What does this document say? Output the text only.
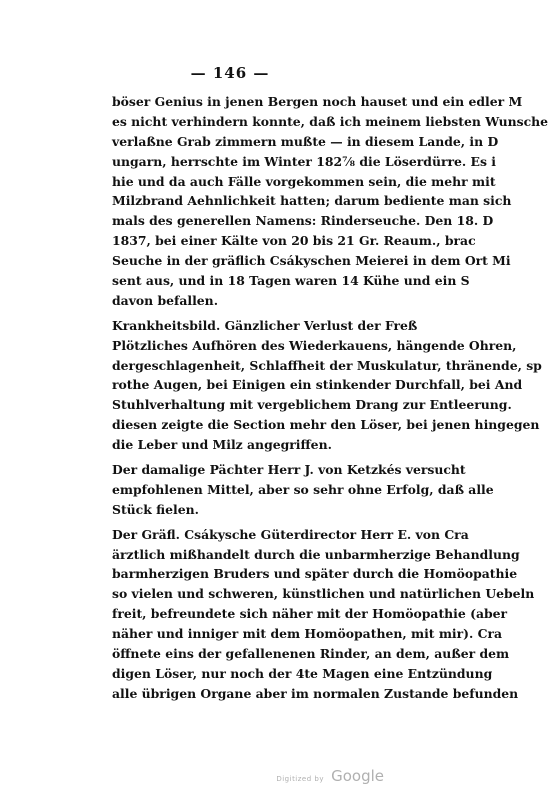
— 146 —
böser Genius in jenen Bergen noch hauset und ein edler M
es nicht verhindern konnte, daß ich meinem liebsten Wunsche
verlaßne Grab zimmern mußte — in diesem Lande, in D
ungarn, herrschte im Winter 182⁷⁄₈ die Löserdürre. Es i
hie und da auch Fälle vorgekommen sein, die mehr mit
Milzbrand Aehnlichkeit hatten; darum bediente man sich
mals des generellen Namens: Rinderseuche. Den 18. D
1837, bei einer Kälte von 20 bis 21 Gr. Reaum., brac
Seuche in der gräflich Csákyschen Meierei in dem Ort Mi
sent aus, und in 18 Tagen waren 14 Kühe und ein S
davon befallen.
Krankheitsbild. Gänzlicher Verlust der Freß
Plötzliches Aufhören des Wiederkauens, hängende Ohren,
dergeschlagenheit, Schlaffheit der Muskulatur, thränende, sp
rothe Augen, bei Einigen ein stinkender Durchfall, bei And
Stuhlverhaltung mit vergeblichem Drang zur Entleerung.
diesen zeigte die Section mehr den Löser, bei jenen hingegen
die Leber und Milz angegriffen.
Der damalige Pächter Herr J. von Ketzkés versucht
empfohlenen Mittel, aber so sehr ohne Erfolg, daß alle
Stück fielen.
Der Gräfl. Csákysche Güterdirector Herr E. von Cra
ärztlich mißhandelt durch die unbarmherzige Behandlung
barmherzigen Bruders und später durch die Homöopathie
so vielen und schweren, künstlichen und natürlichen Uebeln
freit, befreundete sich näher mit der Homöopathie (aber
näher und inniger mit dem Homöopathen, mit mir). Cra
öffnete eins der gefallenenen Rinder, an dem, außer dem
digen Löser, nur noch der 4te Magen eine Entzündung
alle übrigen Organe aber im normalen Zustande befunden
Digitized by Google
